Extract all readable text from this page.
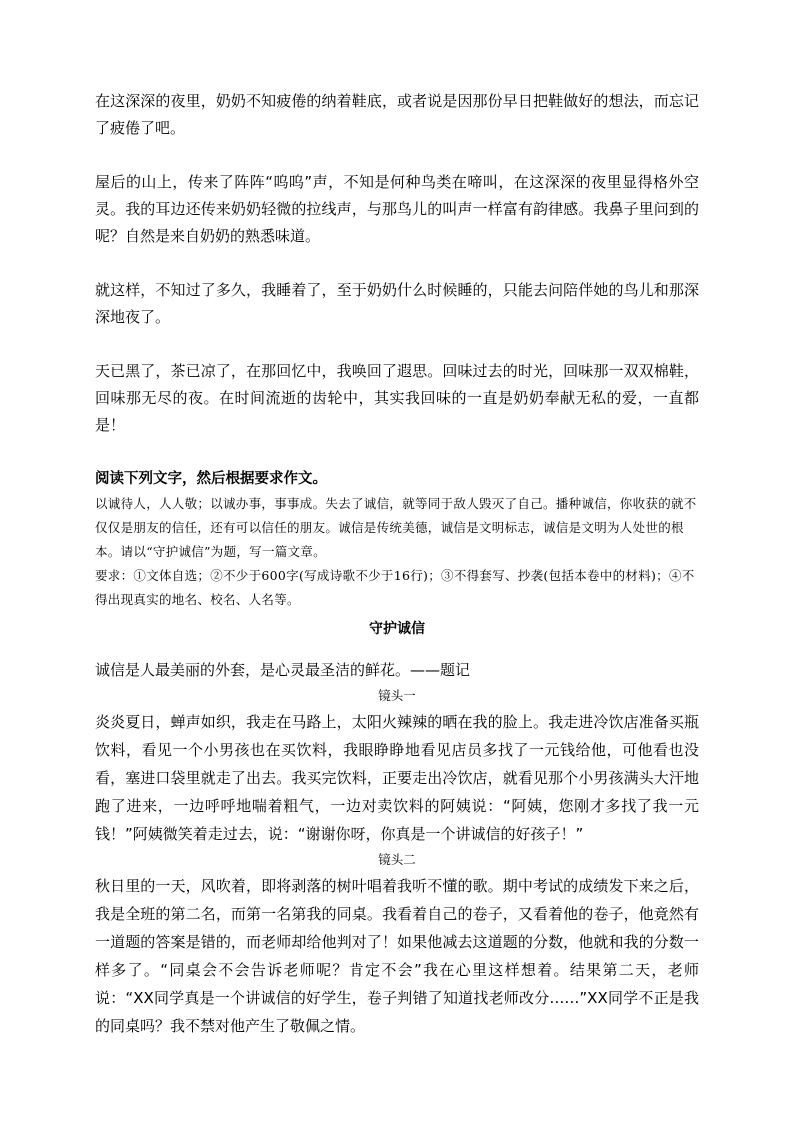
在这深深的夜里，奶奶不知疲倦的纳着鞋底，或者说是因那份早日把鞋做好的想法，而忘记了疲倦了吧。

屋后的山上，传来了阵阵“呜呜”声，不知是何种鸟类在啼叫，在这深深的夜里显得格外空灵。我的耳边还传来奶奶轻微的拉线声，与那鸟儿的叫声一样富有韵律感。我鼻子里问到的呢？自然是来自奶奶的熟悉味道。

就这样，不知过了多久，我睡着了，至于奶奶什么时候睡的，只能去问陪伴她的鸟儿和那深深地夜了。

天已黑了，茶已凉了，在那回忆中，我唤回了遐思。回味过去的时光，回味那一双双棉鞋，回味那无尽的夜。在时间流逝的齿轮中，其实我回味的一直是奶奶奉献无私的爱，一直都是！

阅读下列文字，然后根据要求作文。

以诚待人，人人敬；以诚办事，事事成。失去了诚信，就等同于敌人毁灭了自己。播种诚信，你收获的就不仅仅是朋友的信任，还有可以信任的朋友。诚信是传统美德，诚信是文明标志，诚信是文明为人处世的根本。请以“守护诚信”为题，写一篇文章。

要求：①文体自选；②不少于600字(写成诗歌不少于16行)；③不得套写、抄袭(包括本卷中的材料)；④不得出现真实的地名、校名、人名等。

守护诚信

诚信是人最美丽的外套，是心灵最圣洁的鲜花。——题记

镜头一

炎炎夏日，蝉声如织，我走在马路上，太阳火辣辣的晒在我的脸上。我走进冷饮店准备买瓶饮料，看见一个小男孩也在买饮料，我眼睁睁地看见店员多找了一元钱给他，可他看也没看，塞进口袋里就走了出去。我买完饮料，正要走出冷饮店，就看见那个小男孩满头大汗地跑了进来，一边呼呼地喘着粗气，一边对卖饮料的阿姨说：“阿姨，您刚才多找了我一元钱！”阿姨微笑着走过去，说：“谢谢你呀，你真是一个讲诚信的好孩子！”

镜头二

秋日里的一天，风吹着，即将剥落的树叶唱着我听不懂的歌。期中考试的成绩发下来之后，我是全班的第二名，而第一名第我的同桌。我看着自己的卷子，又看着他的卷子，他竟然有一道题的答案是错的，而老师却给他判对了！如果他减去这道题的分数，他就和我的分数一样多了。“同桌会不会告诉老师呢？肯定不会”我在心里这样想着。结果第二天，老师说：“XX同学真是一个讲诚信的好学生，卷子判错了知道找老师改分……”XX同学不正是我的同桌吗？我不禁对他产生了敬佩之情。
